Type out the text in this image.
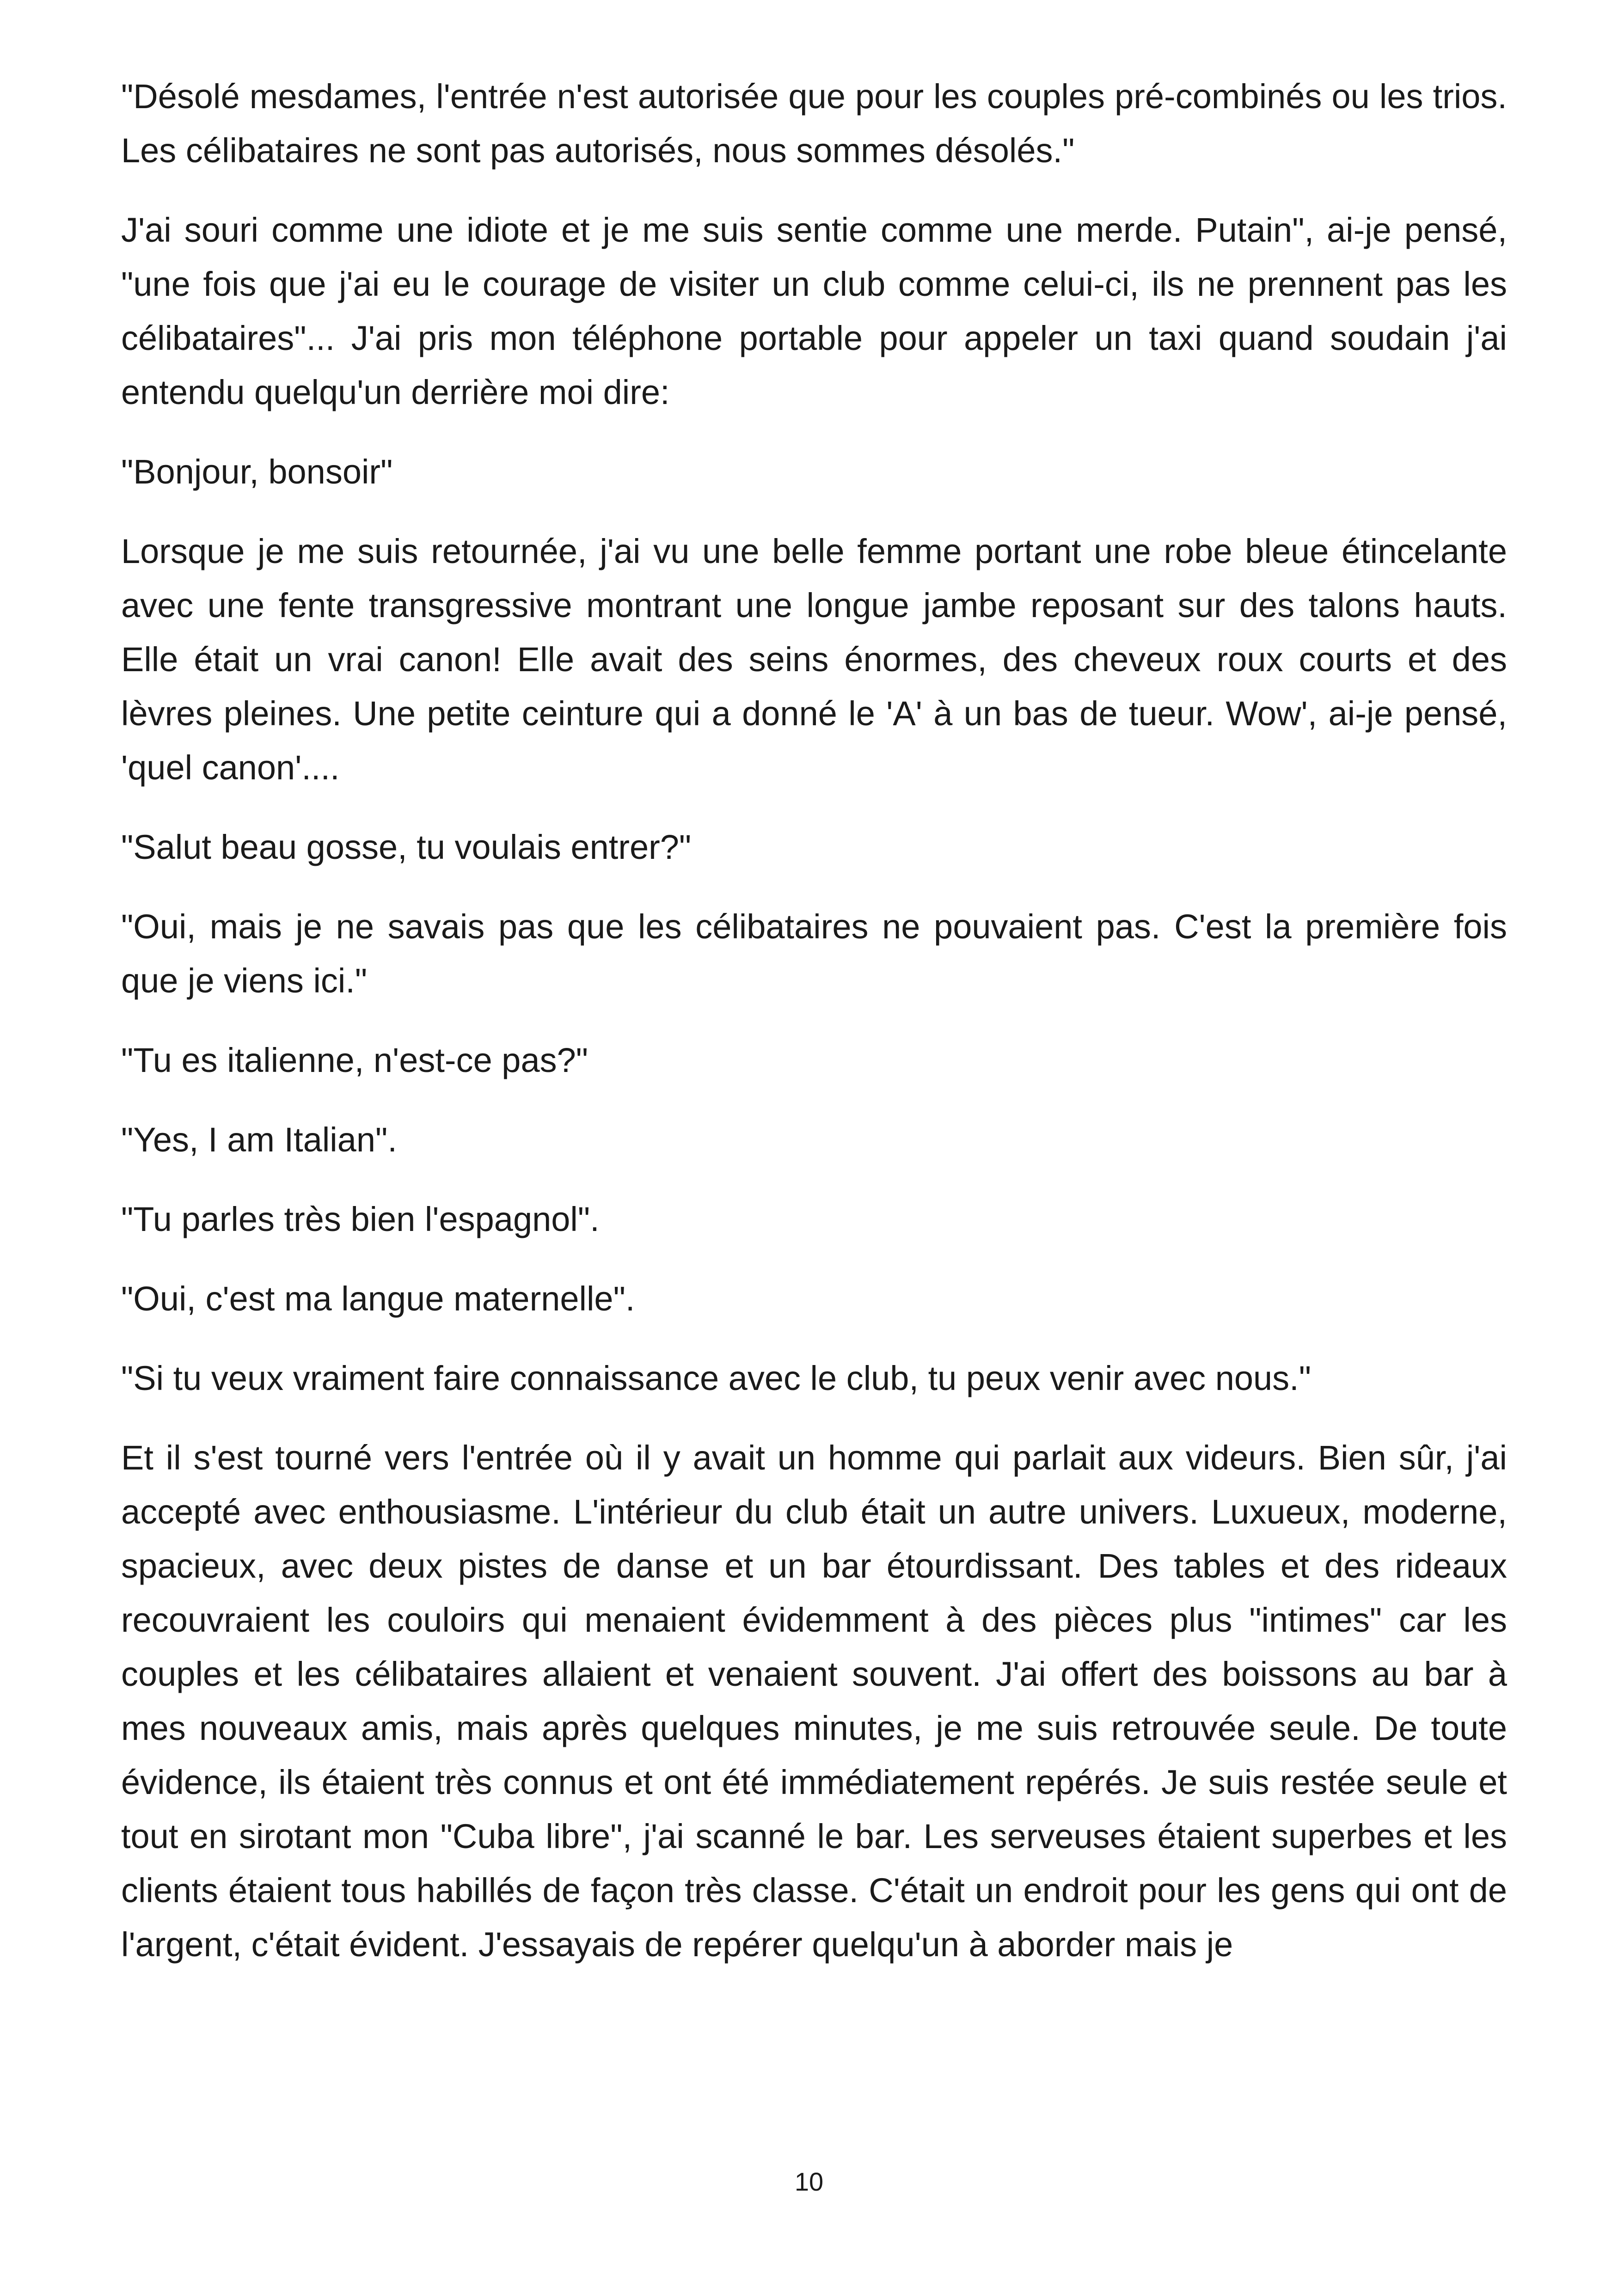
"Désolé mesdames, l'entrée n'est autorisée que pour les couples pré-combinés ou les trios. Les célibataires ne sont pas autorisés, nous sommes désolés."

J'ai souri comme une idiote et je me suis sentie comme une merde. Putain", ai-je pensé, "une fois que j'ai eu le courage de visiter un club comme celui-ci, ils ne prennent pas les célibataires"... J'ai pris mon téléphone portable pour appeler un taxi quand soudain j'ai entendu quelqu'un derrière moi dire:

"Bonjour, bonsoir"

Lorsque je me suis retournée, j'ai vu une belle femme portant une robe bleue étincelante avec une fente transgressive montrant une longue jambe reposant sur des talons hauts. Elle était un vrai canon! Elle avait des seins énormes, des cheveux roux courts et des lèvres pleines. Une petite ceinture qui a donné le 'A' à un bas de tueur. Wow', ai-je pensé, 'quel canon'....

"Salut beau gosse, tu voulais entrer?"

"Oui, mais je ne savais pas que les célibataires ne pouvaient pas. C'est la première fois que je viens ici."

"Tu es italienne, n'est-ce pas?"

"Yes, I am Italian".

"Tu parles très bien l'espagnol".

"Oui, c'est ma langue maternelle".

"Si tu veux vraiment faire connaissance avec le club, tu peux venir avec nous."

Et il s'est tourné vers l'entrée où il y avait un homme qui parlait aux videurs. Bien sûr, j'ai accepté avec enthousiasme. L'intérieur du club était un autre univers. Luxueux, moderne, spacieux, avec deux pistes de danse et un bar étourdissant. Des tables et des rideaux recouvraient les couloirs qui menaient évidemment à des pièces plus "intimes" car les couples et les célibataires allaient et venaient souvent. J'ai offert des boissons au bar à mes nouveaux amis, mais après quelques minutes, je me suis retrouvée seule. De toute évidence, ils étaient très connus et ont été immédiatement repérés. Je suis restée seule et tout en sirotant mon "Cuba libre", j'ai scanné le bar. Les serveuses étaient superbes et les clients étaient tous habillés de façon très classe. C'était un endroit pour les gens qui ont de l'argent, c'était évident. J'essayais de repérer quelqu'un à aborder mais je

10
